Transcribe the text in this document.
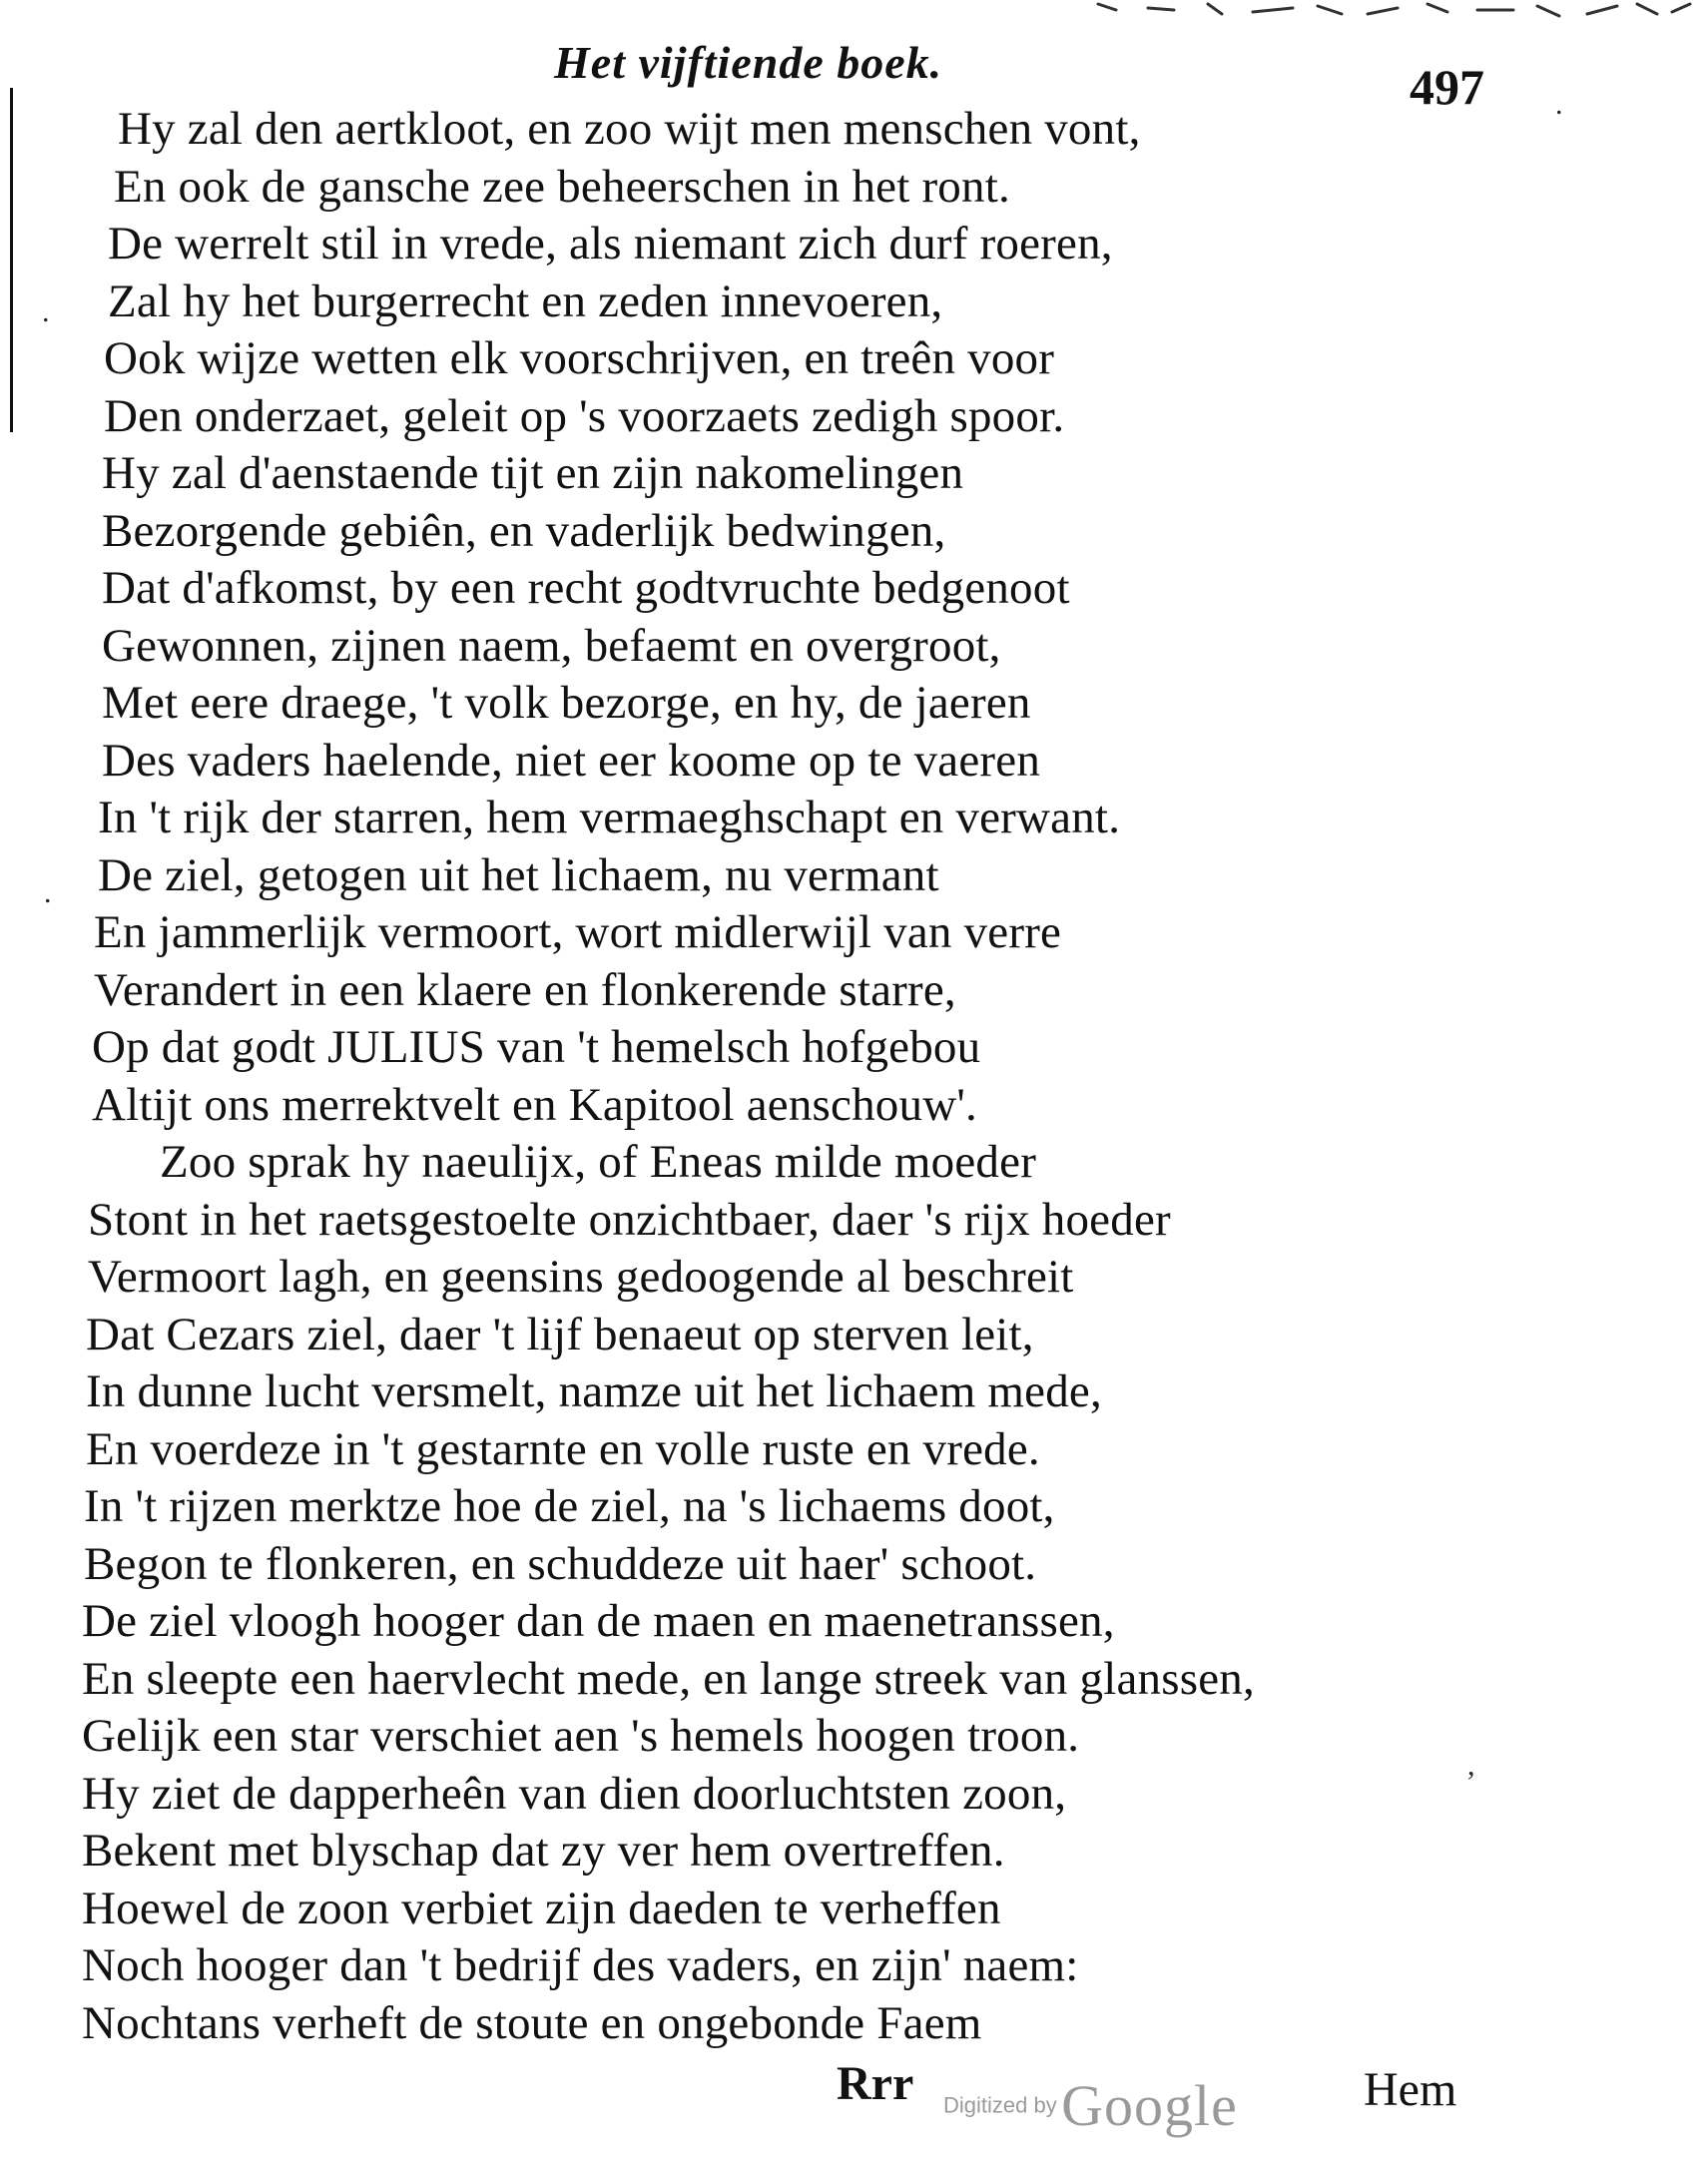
Het vijftiende boek.	497
Hy zal den aertkloot, en zoo wijt men menschen vont,
En ook de gansche zee beheerschen in het ront.
De werrelt stil in vrede, als niemant zich durf roeren,
Zal hy het burgerrecht en zeden innevoeren,
Ook wijze wetten elk voorschrijven, en treên voor
Den onderzaet, geleit op 's voorzaets zedigh spoor.
Hy zal d'aenstaende tijt en zijn nakomelingen
Bezorgende gebiên, en vaderlijk bedwingen,
Dat d'afkomst, by een recht godtvruchte bedgenoot
Gewonnen, zijnen naem, befaemt en overgroot,
Met eere draege, 't volk bezorge, en hy, de jaeren
Des vaders haelende, niet eer koome op te vaeren
In 't rijk der starren, hem vermaeghschapt en verwant.
De ziel, getogen uit het lichaem, nu vermant
En jammerlijk vermoort, wort midlerwijl van verre
Verandert in een klaere en flonkerende starre,
Op dat godt JULIUS van 't hemelsch hofgebou
Altijt ons merrektvelt en Kapitool aenschouw'.
Zoo sprak hy naeulijx, of Eneas milde moeder
Stont in het raetsgestoelte onzichtbaer, daer 's rijx hoeder
Vermoort lagh, en geensins gedoogende al beschreit
Dat Cezars ziel, daer 't lijf benaeut op sterven leit,
In dunne lucht versmelt, namze uit het lichaem mede,
En voerdeze in 't gestarnte en volle ruste en vrede.
In 't rijzen merktze hoe de ziel, na 's lichaems doot,
Begon te flonkeren, en schuddeze uit haer' schoot.
De ziel vloogh hooger dan de maen en maenetranssen,
En sleepte een haervlecht mede, en lange streek van glanssen,
Gelijk een star verschiet aen 's hemels hoogen troon.
Hy ziet de dapperheên van dien doorluchtsten zoon,
Bekent met blyschap dat zy ver hem overtreffen.
Hoewel de zoon verbiet zijn daeden te verheffen
Noch hooger dan 't bedrijf des vaders, en zijn' naem:
Nochtans verheft de stoute en ongebonde Faem
.
.
.
,
Rrr Digitized by Google	Hem
